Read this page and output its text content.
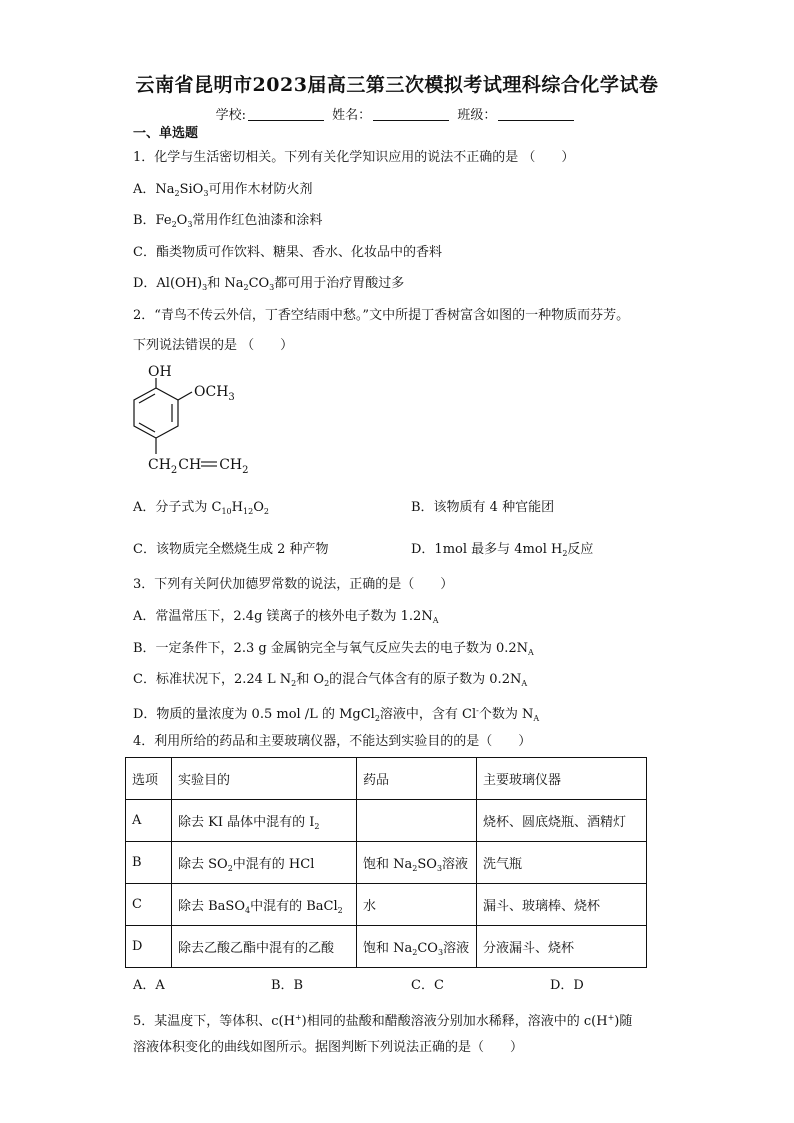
云南省昆明市2023届高三第三次模拟考试理科综合化学试卷
学校:	姓名：	班级：
一、单选题
1．化学与生活密切相关。下列有关化学知识应用的说法不正确的是 （　　）
A．$Na_2SiO_3$可用作木材防火剂
B．$Fe_2O_3$常用作红色油漆和涂料
C．酯类物质可作饮料、糖果、香水、化妆品中的香料
D．$Al(OH)_3$和 $Na_2CO_3$都可用于治疗胃酸过多
2．“青鸟不传云外信，丁香空结雨中愁。”文中所提丁香树富含如图的一种物质而芬芳。
下列说法错误的是 （　　）
OH
$OCH_3$
$CH_2CH$ $CH_2$
A．分子式为 $C_{10}H_{12}O_2$	B．该物质有 4 种官能团
C．该物质完全燃烧生成 2 种产物	D．1mol 最多与 4mol $H_2$反应
3．下列有关阿伏加德罗常数的说法，正确的是（　　）
A．常温常压下，2.4g 镁离子的核外电子数为 $1.2N_A$
B．一定条件下，2.3 g 金属钠完全与氧气反应失去的电子数为 $0.2N_A$
C．标准状况下，2.24 L $N_2$和 $O_2$的混合气体含有的原子数为 $0.2N_A$
D．物质的量浓度为 0.5 mol /L 的 MgCl$_2$溶液中，含有 Cl-个数为 $N_A$
4．利用所给的药品和主要玻璃仪器，不能达到实验目的的是（　　）
选项	实验目的	药品	主要玻璃仪器
A	除去 KI 晶体中混有的 $I_2$		烧杯、圆底烧瓶、酒精灯
B	除去 $SO_2$中混有的 HCl	饱和 $Na_2SO_3$溶液	洗气瓶
C	除去 BaSO$_4$中混有的 BaCl$_2$	水	漏斗、玻璃棒、烧杯
D	除去乙酸乙酯中混有的乙酸	饱和 $Na_2CO_3$溶液	分液漏斗、烧杯
A．A	B．B	C．C	D．D
5．某温度下，等体积、c(H+)相同的盐酸和醋酸溶液分别加水稀释，溶液中的 c(H+)随
溶液体积变化的曲线如图所示。据图判断下列说法正确的是（　　）
